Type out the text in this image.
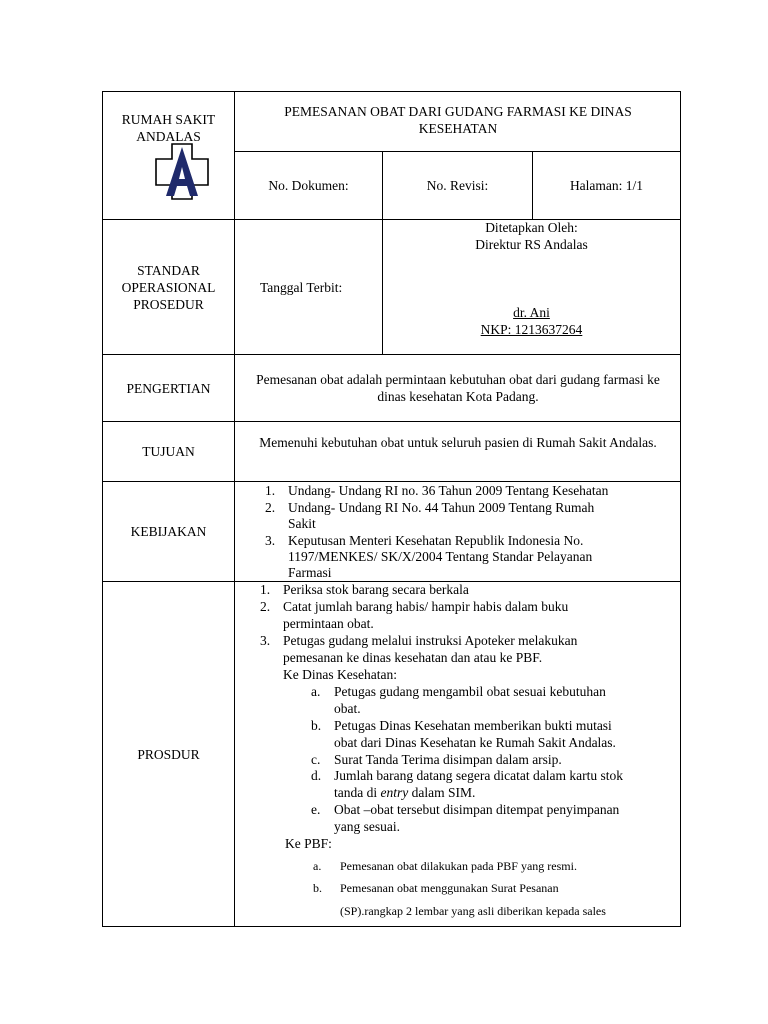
RUMAH SAKIT
ANDALAS
PEMESANAN OBAT DARI GUDANG FARMASI KE DINAS KESEHATAN
No. Dokumen:	No. Revisi:	Halaman: 1/1
STANDAR
OPERASIONAL
PROSEDUR
Tanggal Terbit:
Ditetapkan Oleh:
Direktur RS Andalas
dr. Ani
NKP: 1213637264
PENGERTIAN
Pemesanan obat adalah permintaan kebutuhan obat dari gudang farmasi ke dinas kesehatan Kota Padang.
TUJUAN
Memenuhi kebutuhan obat untuk seluruh pasien di Rumah Sakit Andalas.
KEBIJAKAN
1. Undang- Undang RI no. 36 Tahun 2009 Tentang Kesehatan
2. Undang- Undang RI No. 44 Tahun 2009 Tentang Rumah
Sakit
3. Keputusan Menteri Kesehatan Republik Indonesia No.
1197/MENKES/ SK/X/2004 Tentang Standar Pelayanan
Farmasi
PROSDUR
1. Periksa stok barang secara berkala
2. Catat jumlah barang habis/ hampir habis dalam buku
permintaan obat.
3. Petugas gudang melalui instruksi Apoteker melakukan
pemesanan ke dinas kesehatan dan atau ke PBF.
Ke Dinas Kesehatan:
a. Petugas gudang mengambil obat sesuai kebutuhan
obat.
b. Petugas Dinas Kesehatan memberikan bukti mutasi
obat dari Dinas Kesehatan ke Rumah Sakit Andalas.
c. Surat Tanda Terima disimpan dalam arsip.
d. Jumlah barang datang segera dicatat dalam kartu stok
tanda di entry dalam SIM.
e. Obat –obat tersebut disimpan ditempat penyimpanan
yang sesuai.
Ke PBF:
a. Pemesanan obat dilakukan pada PBF yang resmi.
b. Pemesanan obat menggunakan Surat Pesanan
(SP).rangkap 2 lembar yang asli diberikan kepada sales
